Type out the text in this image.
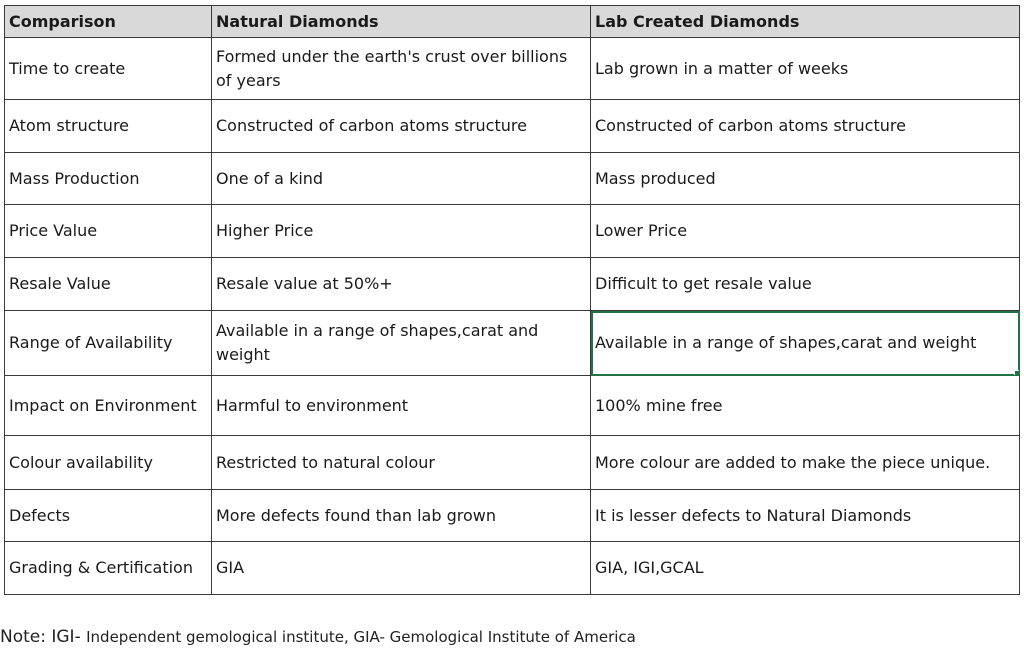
Comparison	Natural Diamonds	Lab Created Diamonds
Time to create	Formed under the earth's crust over billions of years	Lab grown in a matter of weeks
Atom structure	Constructed of carbon atoms structure	Constructed of carbon atoms structure
Mass Production	One of a kind	Mass produced
Price Value	Higher Price	Lower Price
Resale Value	Resale value at 50%+	Difficult to get resale value
Range of Availability	Available in a range of shapes,carat and weight	Available in a range of shapes,carat and weight

Impact on Environment	Harmful to environment	100% mine free
Colour availability	Restricted to natural colour	More colour are added to make the piece unique.
Defects	More defects found than lab grown	It is lesser defects to Natural Diamonds
Grading & Certification	GIA	GIA, IGI,GCAL
Note: IGI- Independent gemological institute, GIA- Gemological Institute of America
